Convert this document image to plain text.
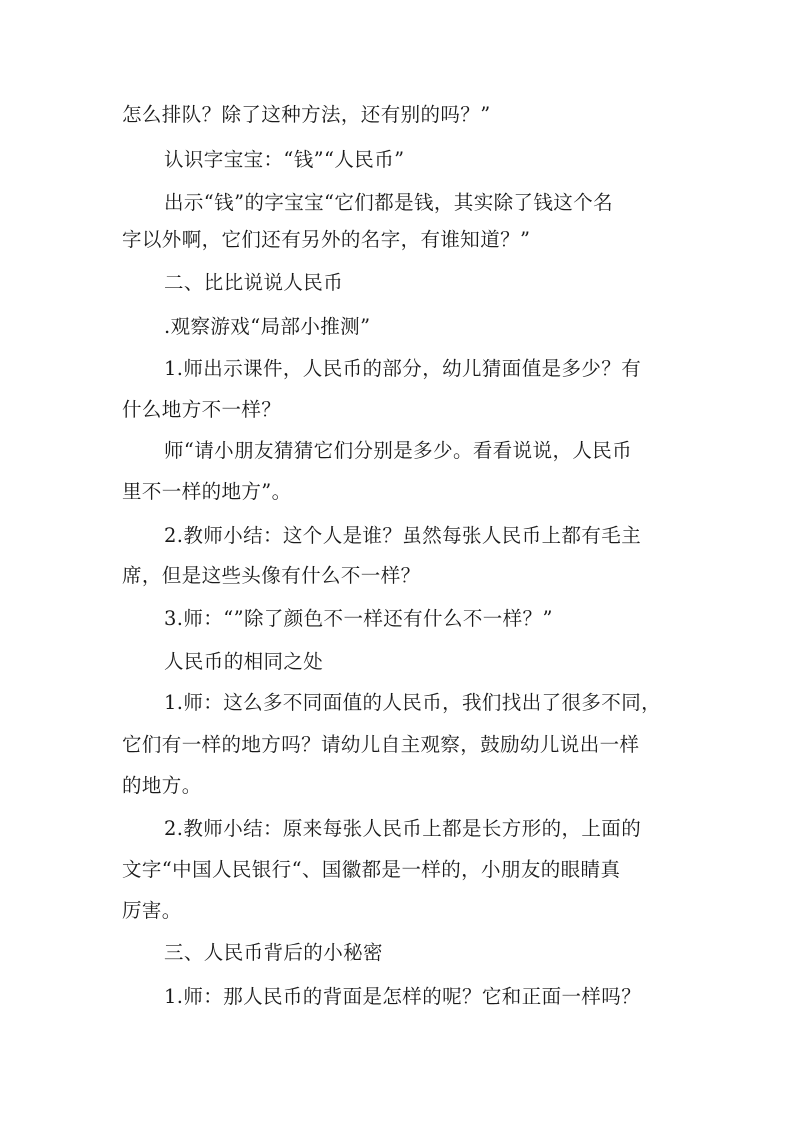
怎么排队？除了这种方法，还有别的吗？”
认识字宝宝：“钱”“人民币”
出示“钱”的字宝宝“它们都是钱，其实除了钱这个名
字以外啊，它们还有另外的名字，有谁知道？”
二、比比说说人民币
.观察游戏“局部小推测”
1.师出示课件，人民币的部分，幼儿猜面值是多少？有
什么地方不一样？
师“请小朋友猜猜它们分别是多少。看看说说，人民币
里不一样的地方”。
2.教师小结：这个人是谁？虽然每张人民币上都有毛主
席，但是这些头像有什么不一样？
3.师：“”除了颜色不一样还有什么不一样？”
人民币的相同之处
1.师：这么多不同面值的人民币，我们找出了很多不同，
它们有一样的地方吗？请幼儿自主观察，鼓励幼儿说出一样
的地方。
2.教师小结：原来每张人民币上都是长方形的，上面的
文字“中国人民银行“、国徽都是一样的，小朋友的眼睛真
厉害。
三、人民币背后的小秘密
1.师：那人民币的背面是怎样的呢？它和正面一样吗？
